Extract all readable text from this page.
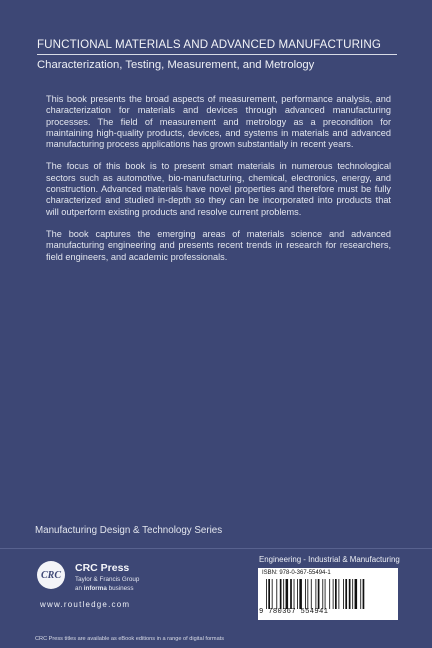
FUNCTIONAL MATERIALS AND ADVANCED MANUFACTURING
Characterization, Testing, Measurement, and Metrology

This book presents the broad aspects of measurement, performance analysis, and characterization for materials and devices through advanced manufacturing processes. The field of measurement and metrology as a precondition for maintaining high-quality products, devices, and systems in materials and advanced manufacturing process applications has grown substantially in recent years.

The focus of this book is to present smart materials in numerous technological sectors such as automotive, bio-manufacturing, chemical, electronics, energy, and construction. Advanced materials have novel properties and therefore must be fully characterized and studied in-depth so they can be incorporated into products that will outperform existing products and resolve current problems.

The book captures the emerging areas of materials science and advanced manufacturing engineering and presents recent trends in research for researchers, field engineers, and academic professionals.

Manufacturing Design & Technology Series
CRC
CRC Press
Taylor & Francis Group
an informa business
www.routledge.com
CRC Press titles are available as eBook editions in a range of digital formats
Engineering - Industrial & Manufacturing
ISBN: 978-0-367-55494-1
9 780367 554941
